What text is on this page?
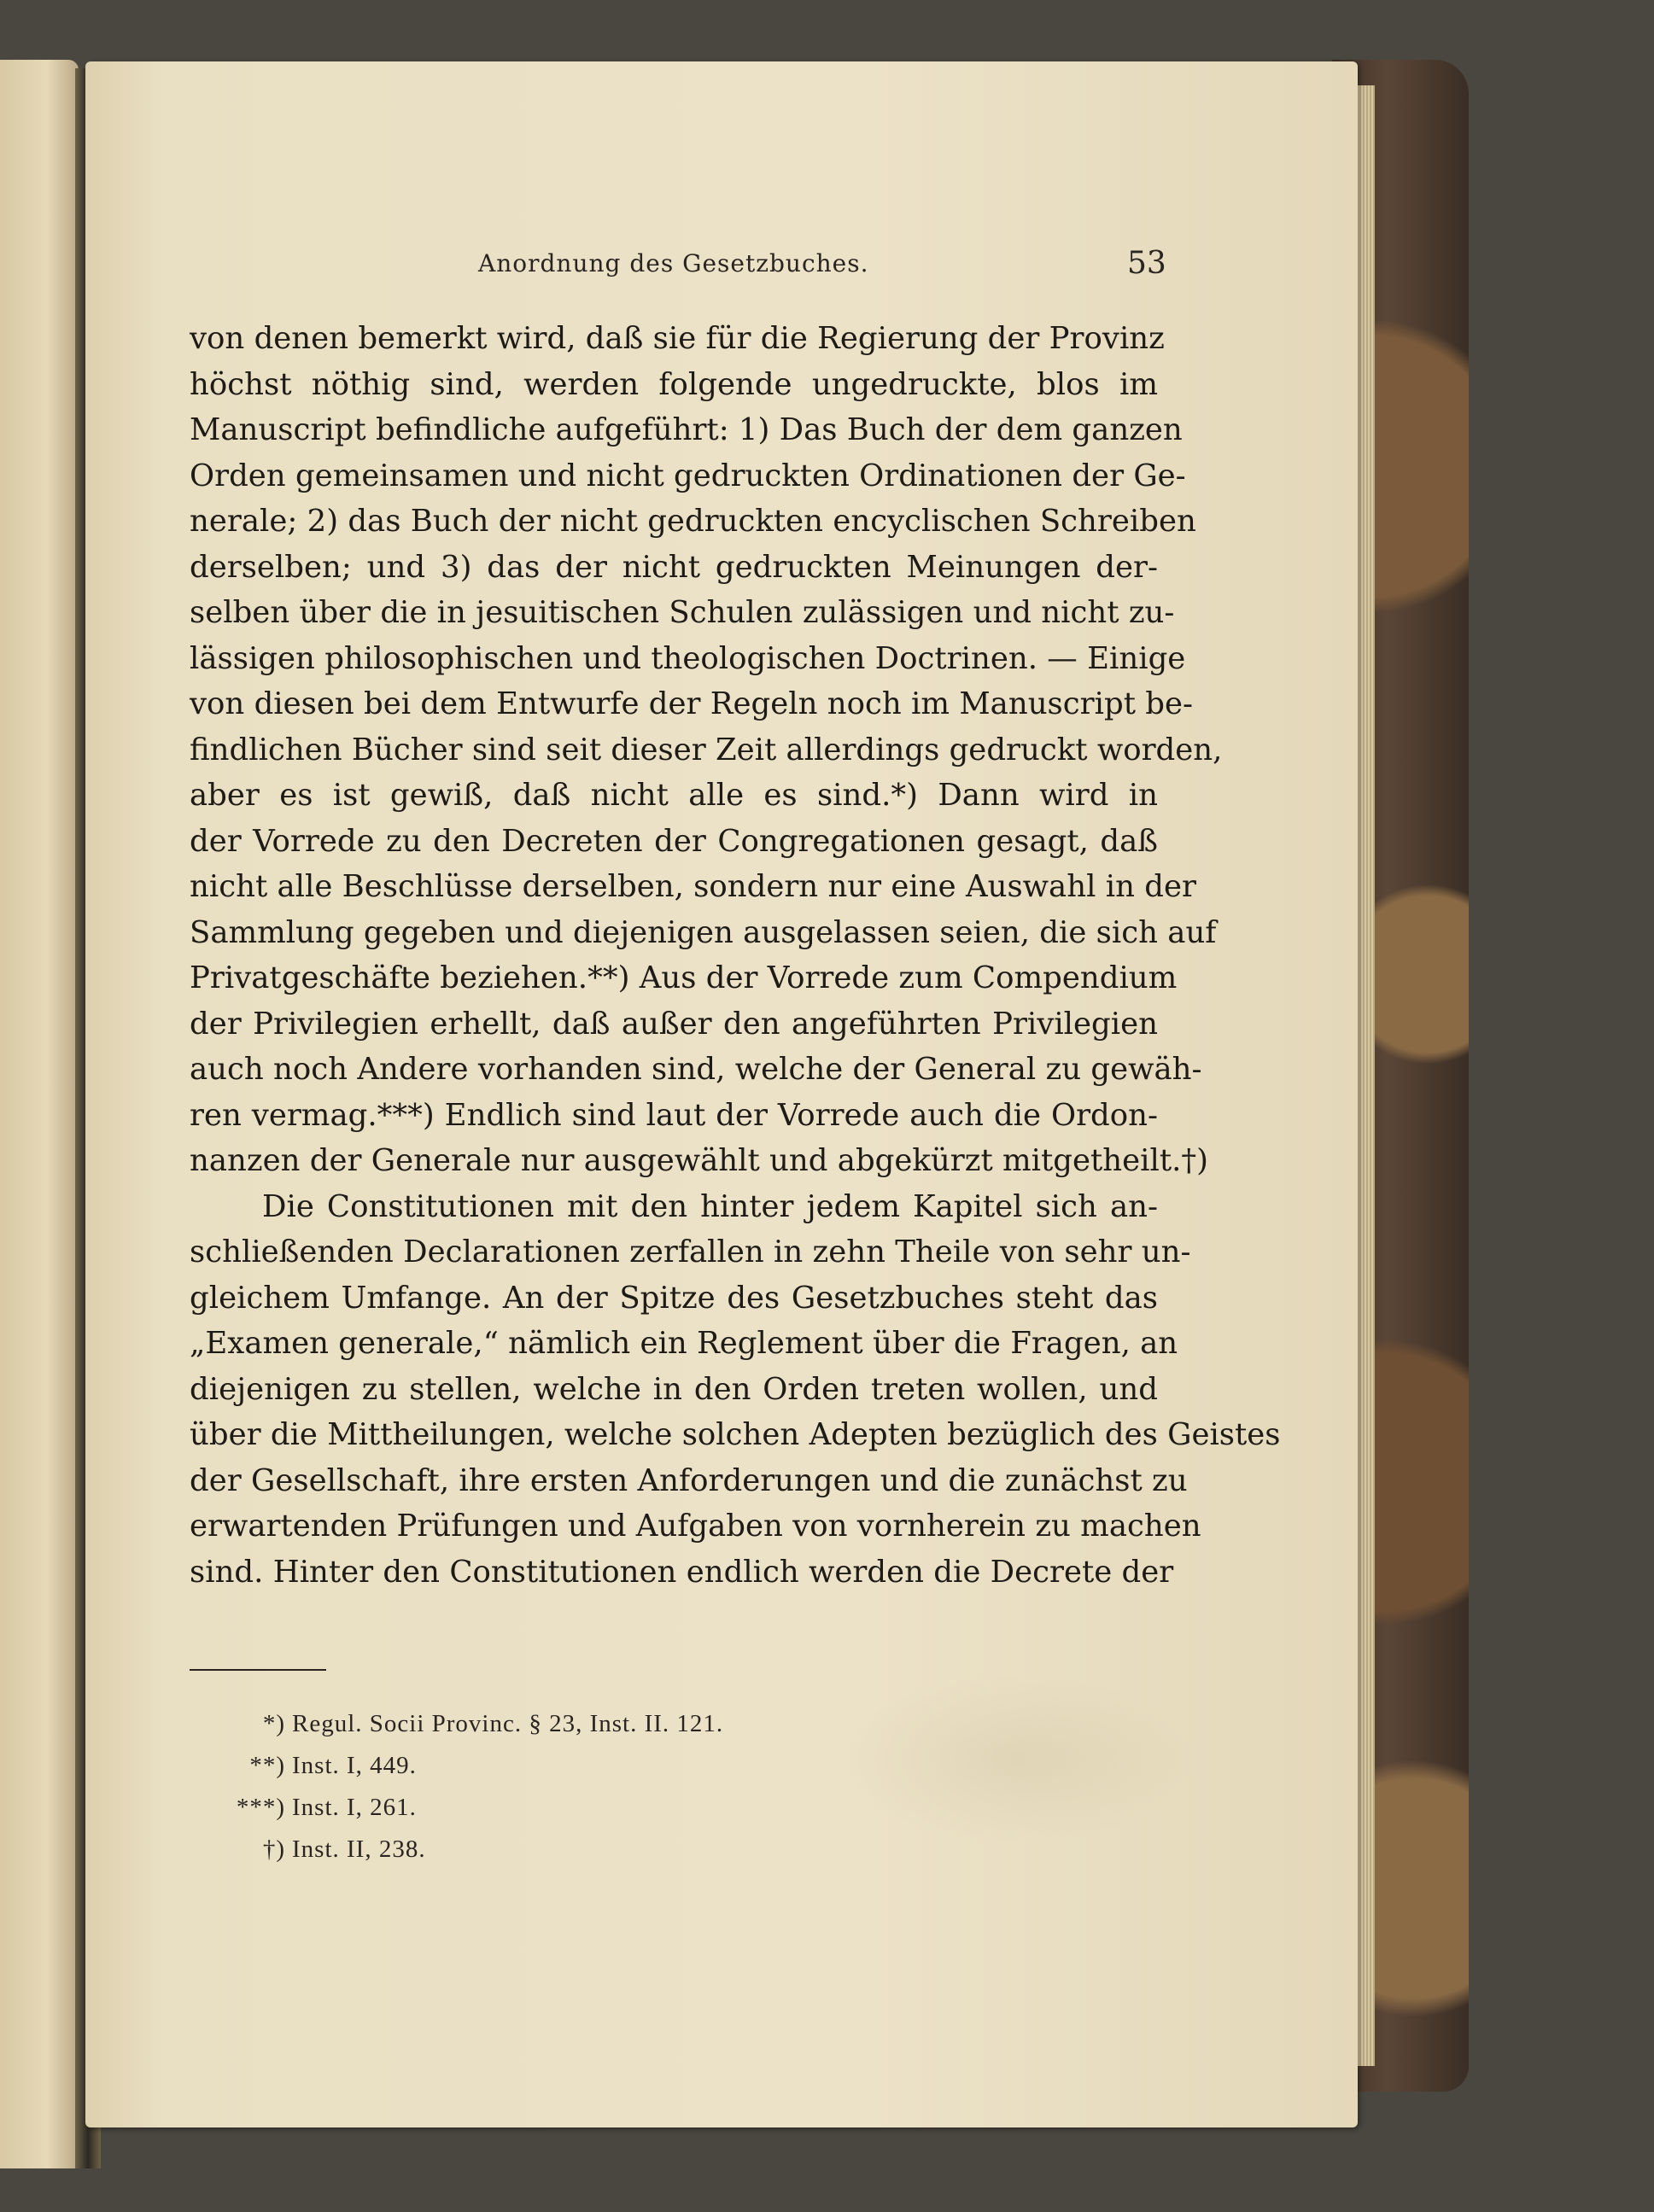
Anordnung des Gesetzbuches.	53
von denen bemerkt wird, daß sie für die Regierung der Provinz
höchst nöthig sind, werden folgende ungedruckte, blos im
Manuscript befindliche aufgeführt: 1) Das Buch der dem ganzen
Orden gemeinsamen und nicht gedruckten Ordinationen der Ge-
nerale; 2) das Buch der nicht gedruckten encyclischen Schreiben
derselben; und 3) das der nicht gedruckten Meinungen der-
selben über die in jesuitischen Schulen zulässigen und nicht zu-
lässigen philosophischen und theologischen Doctrinen. — Einige
von diesen bei dem Entwurfe der Regeln noch im Manuscript be-
findlichen Bücher sind seit dieser Zeit allerdings gedruckt worden,
aber es ist gewiß, daß nicht alle es sind.*) Dann wird in
der Vorrede zu den Decreten der Congregationen gesagt, daß
nicht alle Beschlüsse derselben, sondern nur eine Auswahl in der
Sammlung gegeben und diejenigen ausgelassen seien, die sich auf
Privatgeschäfte beziehen.**) Aus der Vorrede zum Compendium
der Privilegien erhellt, daß außer den angeführten Privilegien
auch noch Andere vorhanden sind, welche der General zu gewäh-
ren vermag.***) Endlich sind laut der Vorrede auch die Ordon-
nanzen der Generale nur ausgewählt und abgekürzt mitgetheilt.†)
Die Constitutionen mit den hinter jedem Kapitel sich an-
schließenden Declarationen zerfallen in zehn Theile von sehr un-
gleichem Umfange. An der Spitze des Gesetzbuches steht das
„Examen generale,“ nämlich ein Reglement über die Fragen, an
diejenigen zu stellen, welche in den Orden treten wollen, und
über die Mittheilungen, welche solchen Adepten bezüglich des Geistes
der Gesellschaft, ihre ersten Anforderungen und die zunächst zu
erwartenden Prüfungen und Aufgaben von vornherein zu machen
sind. Hinter den Constitutionen endlich werden die Decrete der
*) Regul. Socii Provinc. § 23, Inst. II. 121.
**) Inst. I, 449.
***) Inst. I, 261.
†) Inst. II, 238.
